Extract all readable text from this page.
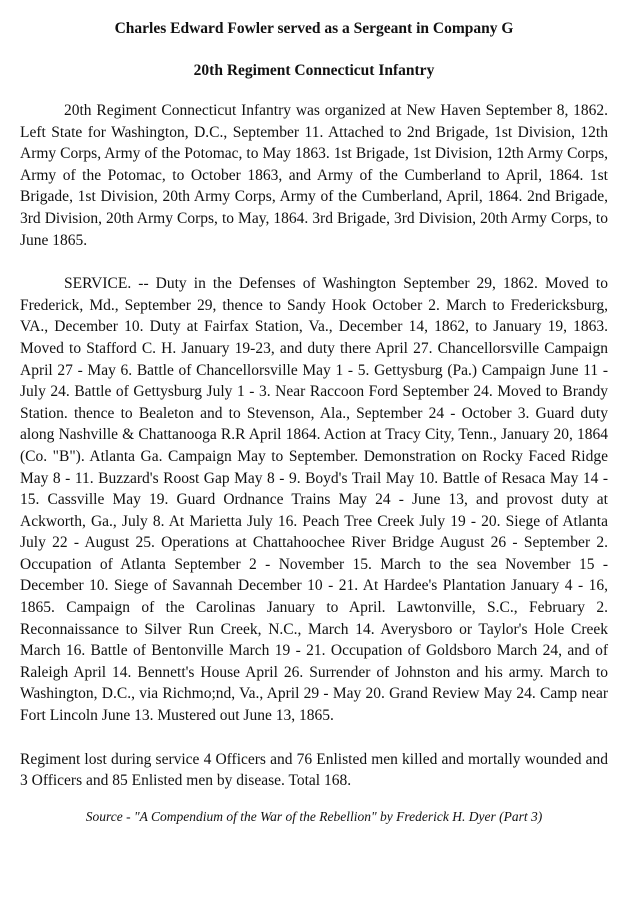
Charles Edward Fowler served as a Sergeant in Company G

20th Regiment Connecticut Infantry

20th Regiment Connecticut Infantry was organized at New Haven September 8, 1862. Left State for Washington, D.C., September 11. Attached to 2nd Brigade, 1st Division, 12th Army Corps, Army of the Potomac, to May 1863. 1st Brigade, 1st Division, 12th Army Corps, Army of the Potomac, to October 1863, and Army of the Cumberland to April, 1864. 1st Brigade, 1st Division, 20th Army Corps, Army of the Cumberland, April, 1864. 2nd Brigade, 3rd Division, 20th Army Corps, to May, 1864. 3rd Brigade, 3rd Division, 20th Army Corps, to June 1865.

SERVICE. -- Duty in the Defenses of Washington September 29, 1862. Moved to Frederick, Md., September 29, thence to Sandy Hook October 2. March to Fredericksburg, VA., December 10. Duty at Fairfax Station, Va., December 14, 1862, to January 19, 1863. Moved to Stafford C. H. January 19-23, and duty there April 27. Chancellorsville Campaign April 27 - May 6. Battle of Chancellorsville May 1 - 5. Gettysburg (Pa.) Campaign June 11 - July 24. Battle of Gettysburg July 1 - 3. Near Raccoon Ford September 24. Moved to Brandy Station. thence to Bealeton and to Stevenson, Ala., September 24 - October 3. Guard duty along Nashville & Chattanooga R.R April 1864. Action at Tracy City, Tenn., January 20, 1864 (Co. "B"). Atlanta Ga. Campaign May to September. Demonstration on Rocky Faced Ridge May 8 - 11. Buzzard's Roost Gap May 8 - 9. Boyd's Trail May 10. Battle of Resaca May 14 - 15. Cassville May 19. Guard Ordnance Trains May 24 - June 13, and provost duty at Ackworth, Ga., July 8. At Marietta July 16. Peach Tree Creek July 19 - 20. Siege of Atlanta July 22 - August 25. Operations at Chattahoochee River Bridge August 26 - September 2. Occupation of Atlanta September 2 - November 15. March to the sea November 15 - December 10. Siege of Savannah December 10 - 21. At Hardee's Plantation January 4 - 16, 1865. Campaign of the Carolinas January to April. Lawtonville, S.C., February 2. Reconnaissance to Silver Run Creek, N.C., March 14. Averysboro or Taylor's Hole Creek March 16. Battle of Bentonville March 19 - 21. Occupation of Goldsboro March 24, and of Raleigh April 14. Bennett's House April 26. Surrender of Johnston and his army. March to Washington, D.C., via Richmo;nd, Va., April 29 - May 20. Grand Review May 24. Camp near Fort Lincoln June 13. Mustered out June 13, 1865.

Regiment lost during service 4 Officers and 76 Enlisted men killed and mortally wounded and 3 Officers and 85 Enlisted men by disease. Total 168.

Source - "A Compendium of the War of the Rebellion" by Frederick H. Dyer (Part 3)
